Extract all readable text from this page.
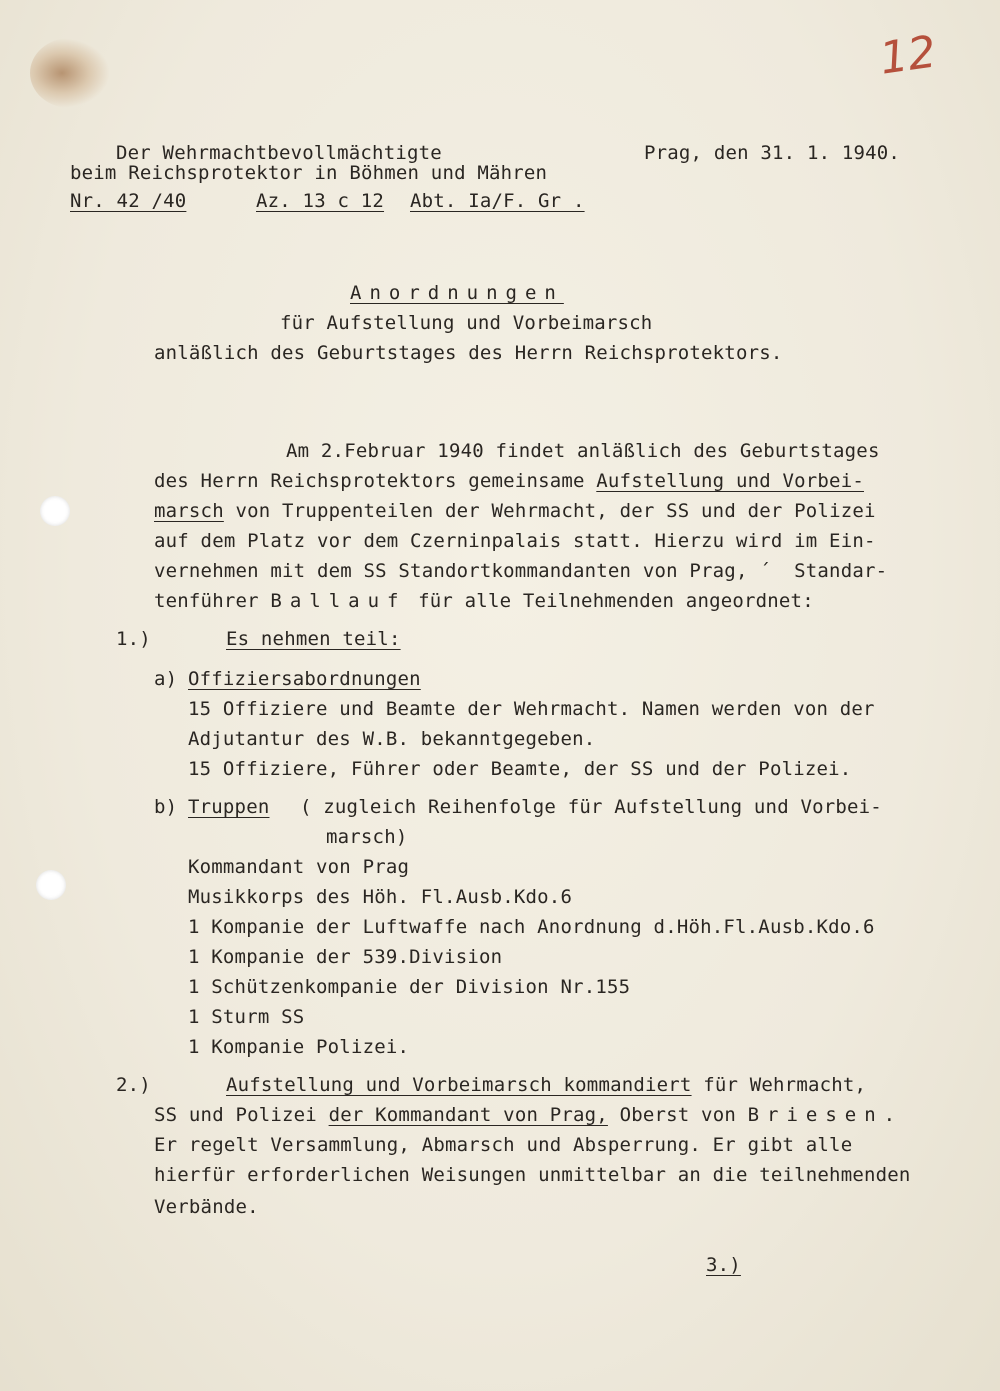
12
Der Wehrmachtbevollmächtigte
beim Reichsprotektor in Böhmen und Mähren
Prag, den 31. 1. 1940.
Nr. 42 /40	Az. 13 c 12 Abt. Ia/F. Gr .
Anordnungen
für Aufstellung und Vorbeimarsch
anläßlich des Geburtstages des Herrn Reichsprotektors.
Am 2.Februar 1940 findet anläßlich des Geburtstages
des Herrn Reichsprotektors gemeinsame Aufstellung und Vorbei-
marsch von Truppenteilen der Wehrmacht, der SS und der Polizei
auf dem Platz vor dem Czerninpalais statt. Hierzu wird im Ein-
vernehmen mit dem SS Standortkommandanten von Prag, ´  Standar-
tenführer Ballauf für alle Teilnehmenden angeordnet:
1.)	Es nehmen teil:
a) Offiziersabordnungen
15 Offiziere und Beamte der Wehrmacht. Namen werden von der
Adjutantur des W.B. bekanntgegeben.
15 Offiziere, Führer oder Beamte, der SS und der Polizei.
b) Truppen ( zugleich Reihenfolge für Aufstellung und Vorbei-
marsch)
Kommandant von Prag
Musikkorps des Höh. Fl.Ausb.Kdo.6
1 Kompanie der Luftwaffe nach Anordnung d.Höh.Fl.Ausb.Kdo.6
1 Kompanie der 539.Division
1 Schützenkompanie der Division Nr.155
1 Sturm SS
1 Kompanie Polizei.
2.)	Aufstellung und Vorbeimarsch kommandiert für Wehrmacht,
SS und Polizei der Kommandant von Prag, Oberst von Briesen.
Er regelt Versammlung, Abmarsch und Absperrung. Er gibt alle
hierfür erforderlichen Weisungen unmittelbar an die teilnehmenden
Verbände.
3.)
